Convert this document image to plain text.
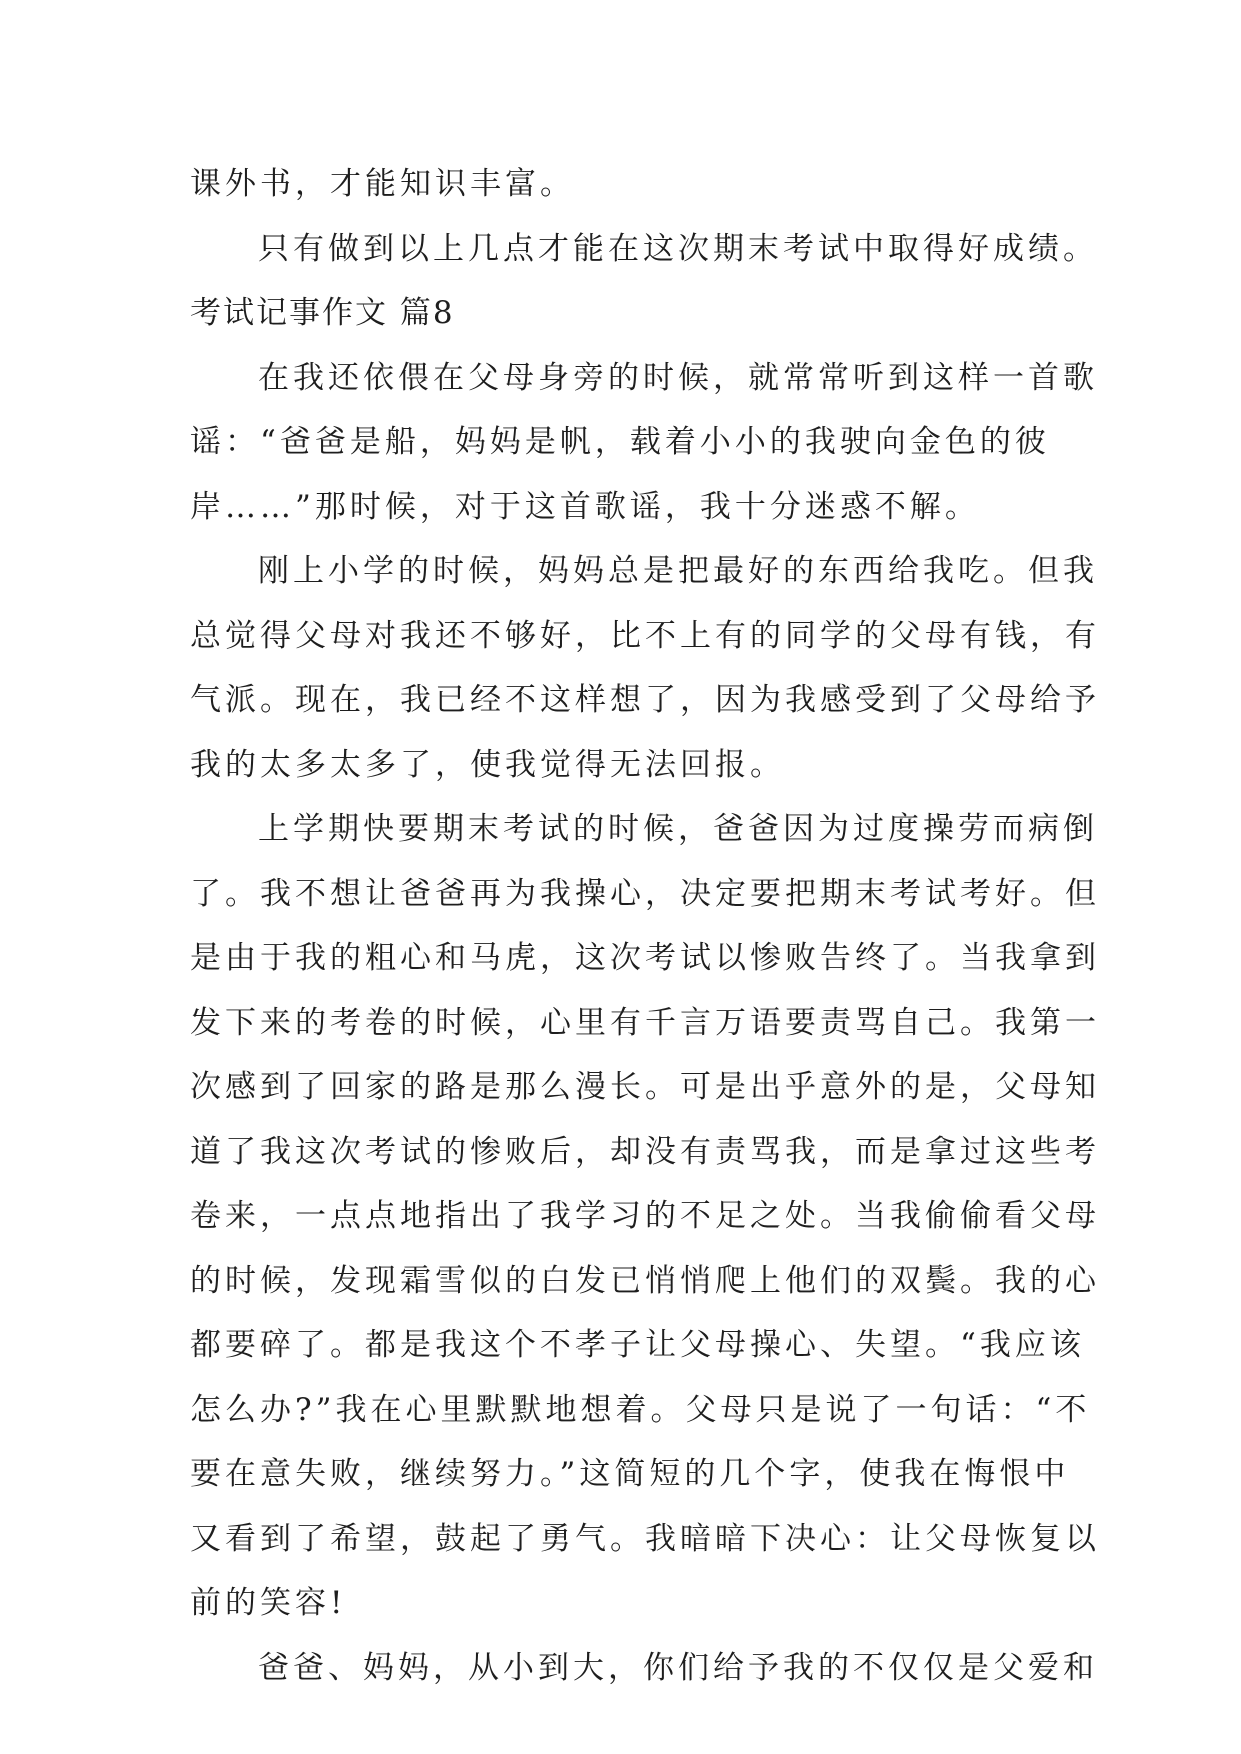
课外书，才能知识丰富。
只有做到以上几点才能在这次期末考试中取得好成绩。
考试记事作文 篇8
在我还依偎在父母身旁的时候，就常常听到这样一首歌
谣：“爸爸是船，妈妈是帆，载着小小的我驶向金色的彼
岸……”那时候，对于这首歌谣，我十分迷惑不解。
刚上小学的时候，妈妈总是把最好的东西给我吃。但我
总觉得父母对我还不够好，比不上有的同学的父母有钱，有
气派。现在，我已经不这样想了，因为我感受到了父母给予
我的太多太多了，使我觉得无法回报。
上学期快要期末考试的时候，爸爸因为过度操劳而病倒
了。我不想让爸爸再为我操心，决定要把期末考试考好。但
是由于我的粗心和马虎，这次考试以惨败告终了。当我拿到
发下来的考卷的时候，心里有千言万语要责骂自己。我第一
次感到了回家的路是那么漫长。可是出乎意外的是，父母知
道了我这次考试的惨败后，却没有责骂我，而是拿过这些考
卷来，一点点地指出了我学习的不足之处。当我偷偷看父母
的时候，发现霜雪似的白发已悄悄爬上他们的双鬓。我的心
都要碎了。都是我这个不孝子让父母操心、失望。“我应该
怎么办?”我在心里默默地想着。父母只是说了一句话：“不
要在意失败，继续努力。”这简短的几个字，使我在悔恨中
又看到了希望，鼓起了勇气。我暗暗下决心：让父母恢复以
前的笑容!
爸爸、妈妈，从小到大，你们给予我的不仅仅是父爱和
